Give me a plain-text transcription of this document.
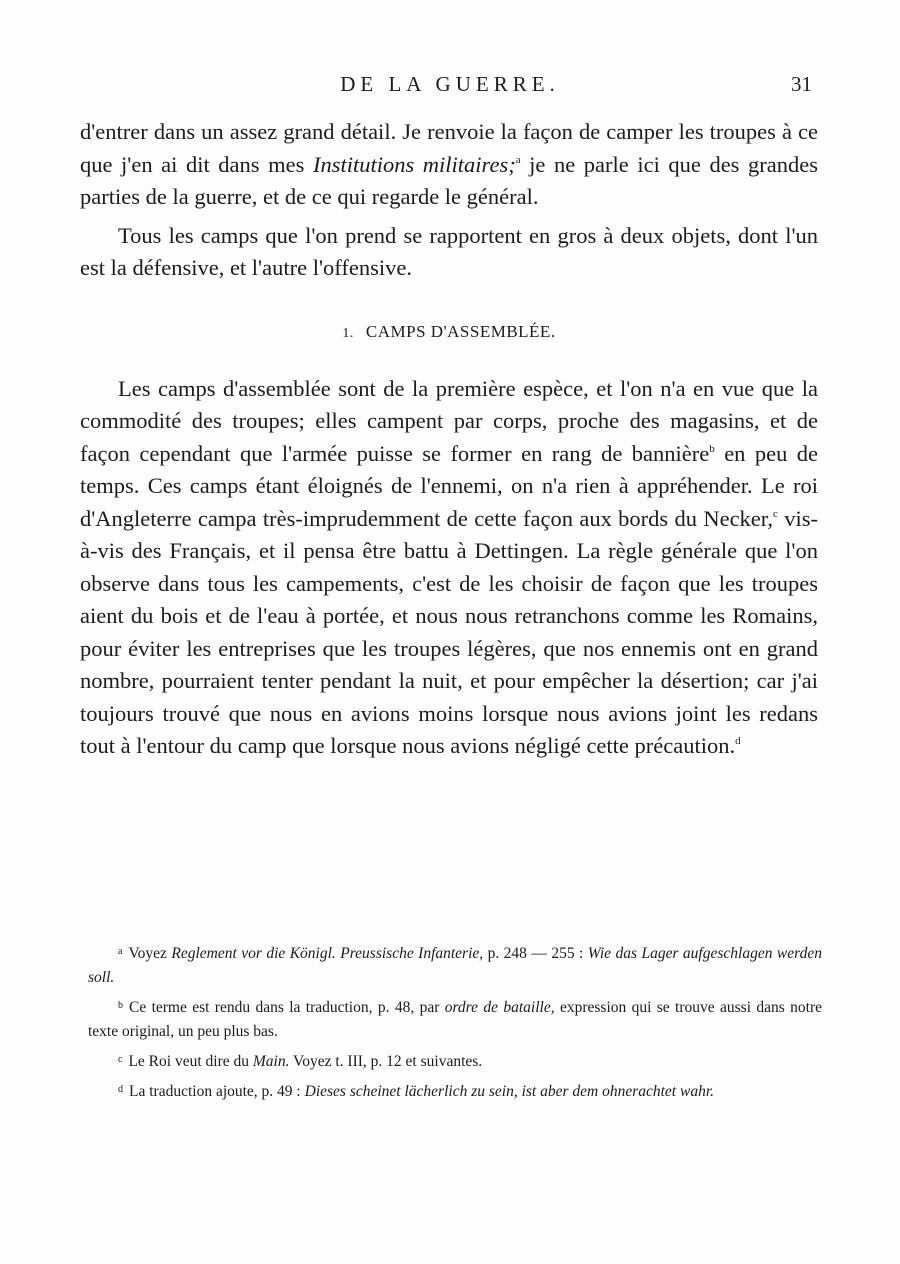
DE LA GUERRE.	31

d'entrer dans un assez grand détail. Je renvoie la façon de camper les troupes à ce que j'en ai dit dans mes Institutions militaires;$^a$ je ne parle ici que des grandes parties de la guerre, et de ce qui regarde le général.

Tous les camps que l'on prend se rapportent en gros à deux objets, dont l'un est la défensive, et l'autre l'offensive.

1. CAMPS D'ASSEMBLÉE.

Les camps d'assemblée sont de la première espèce, et l'on n'a en vue que la commodité des troupes; elles campent par corps, proche des magasins, et de façon cependant que l'armée puisse se former en rang de bannière$^b$ en peu de temps. Ces camps étant éloignés de l'ennemi, on n'a rien à appréhender. Le roi d'Angleterre campa très-imprudemment de cette façon aux bords du Necker,$^c$ vis-à-vis des Français, et il pensa être battu à Dettingen. La règle générale que l'on observe dans tous les campements, c'est de les choisir de façon que les troupes aient du bois et de l'eau à portée, et nous nous retranchons comme les Romains, pour éviter les entreprises que les troupes légères, que nos ennemis ont en grand nombre, pourraient tenter pendant la nuit, et pour empêcher la désertion; car j'ai toujours trouvé que nous en avions moins lorsque nous avions joint les redans tout à l'entour du camp que lorsque nous avions négligé cette précaution.$^d$

$^a$ Voyez Reglement vor die Königl. Preussische Infanterie, p. 248 — 255 : Wie das Lager aufgeschlagen werden soll.

$^b$ Ce terme est rendu dans la traduction, p. 48, par ordre de bataille, expression qui se trouve aussi dans notre texte original, un peu plus bas.

$^c$ Le Roi veut dire du Main. Voyez t. III, p. 12 et suivantes.

$^d$ La traduction ajoute, p. 49 : Dieses scheinet lächerlich zu sein, ist aber dem ohnerachtet wahr.
